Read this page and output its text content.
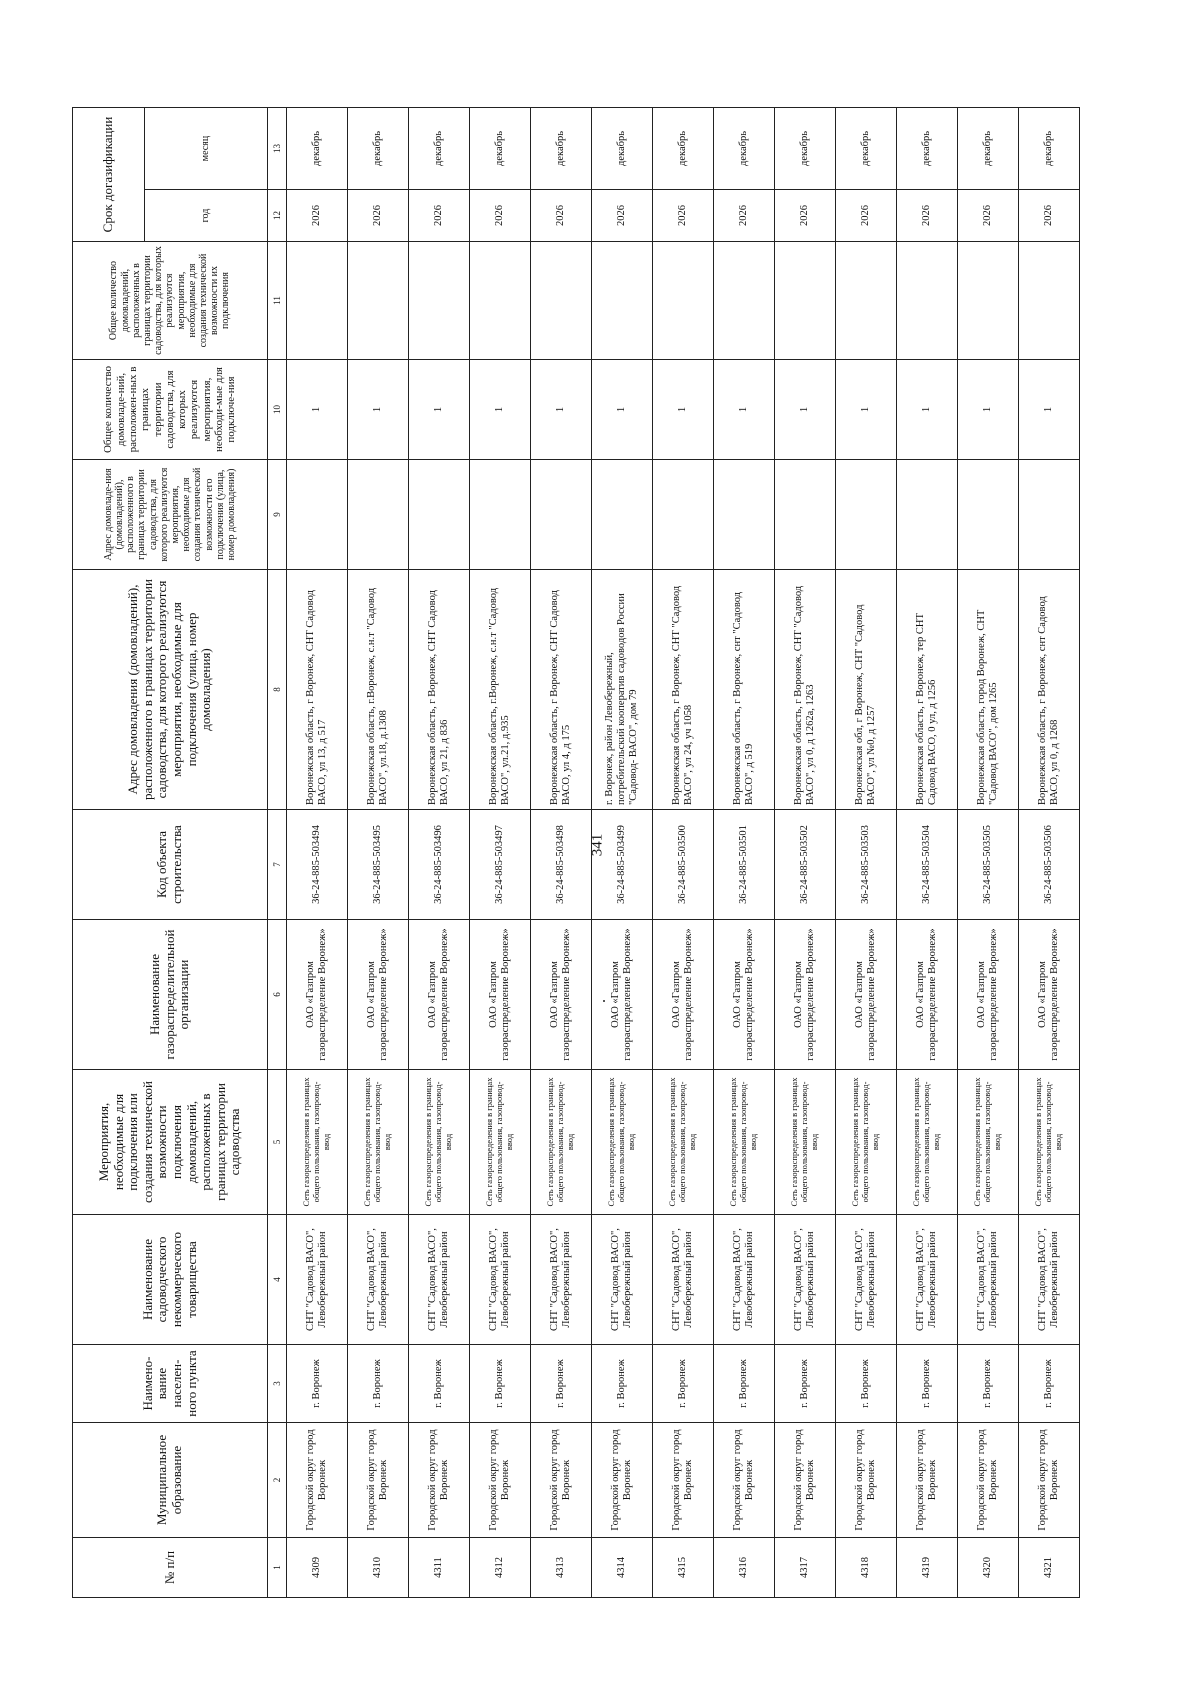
341
№ п/п	Муниципальное образование	Наимено-вание населен-ного пункта	Наименование садоводческого некоммерческого товарищества	Мероприятия, необходимые для подключения или создания технической возможности подключения домовладений, расположенных в границах территории садоводства	Наименование газораспределительной организации	Код объекта строительства	Адрес домовладения (домовладений), расположенного в границах территории садоводства, для которого реализуются мероприятия, необходимые для подключения (улица, номер домовладения)	Адрес домовладе-ния (домовладений), расположенного в границах территории садоводства, для которого реализуются мероприятия, необходимые для создания технической возможности его подключения (улица, номер домовладения)	Общее количество домовладе-ний, расположен-ных в границах территории садоводства, для которых реализуются мероприятия, необходи-мые для подключе-ния	Общее количество домовладений, расположенных в границах территории садоводства, для которых реализуются мероприятия, необходимые для создания технической возможности их подключения	Срок догазификации	
											год	месяц
1	2	3	4	5	6	7	8	9	10	11	12	13
4309	Городской округ город Воронеж	г. Воронеж	СНТ "Садовод ВАСО", Левобережный район	Сеть газораспределения в границах общего пользования, газопровод-ввод	ОАО «Газпром газораспределение Воронеж»	36-24-885-503494	Воронежская область, г Воронеж, СНТ Садовод ВАСО, ул 13, д 517		1		2026	декабрь
4310	Городской округ город Воронеж	г. Воронеж	СНТ "Садовод ВАСО", Левобережный район	Сеть газораспределения в границах общего пользования, газопровод-ввод	ОАО «Газпром газораспределение Воронеж»	36-24-885-503495	Воронежская область, г.Воронеж, с.н.т "Садовод ВАСО", ул.18, д.1308		1		2026	декабрь
4311	Городской округ город Воронеж	г. Воронеж	СНТ "Садовод ВАСО", Левобережный район	Сеть газораспределения в границах общего пользования, газопровод-ввод	ОАО «Газпром газораспределение Воронеж»	36-24-885-503496	Воронежская область, г Воронеж, СНТ Садовод ВАСО, ул 21, д 836		1		2026	декабрь
4312	Городской округ город Воронеж	г. Воронеж	СНТ "Садовод ВАСО", Левобережный район	Сеть газораспределения в границах общего пользования, газопровод-ввод	ОАО «Газпром газораспределение Воронеж»	36-24-885-503497	Воронежская область, г.Воронеж, с.н.т "Садовод ВАСО", ул.21, д.935		1		2026	декабрь
4313	Городской округ город Воронеж	г. Воронеж	СНТ "Садовод ВАСО", Левобережный район	Сеть газораспределения в границах общего пользования, газопровод-ввод	ОАО «Газпром газораспределение Воронеж»	36-24-885-503498	Воронежская область, г Воронеж, СНТ Садовод ВАСО, ул 4, д 175		1		2026	декабрь
4314	Городской округ город Воронеж	г. Воронеж	СНТ "Садовод ВАСО", Левобережный район	Сеть газораспределения в границах общего пользования, газопровод-ввод	ОАО «Газпром газораспределение Воронеж»	36-24-885-503499	г. Воронеж, район Левобережный, потребительский кооператив садоводов России "Садовод- ВАСО", дом 79		1		2026	декабрь
4315	Городской округ город Воронеж	г. Воронеж	СНТ "Садовод ВАСО", Левобережный район	Сеть газораспределения в границах общего пользования, газопровод-ввод	ОАО «Газпром газораспределение Воронеж»	36-24-885-503500	Воронежская область, г Воронеж, СНТ "Садовод ВАСО", ул 24, уч 1058		1		2026	декабрь
4316	Городской округ город Воронеж	г. Воронеж	СНТ "Садовод ВАСО", Левобережный район	Сеть газораспределения в границах общего пользования, газопровод-ввод	ОАО «Газпром газораспределение Воронеж»	36-24-885-503501	Воронежская область, г Воронеж, снт "Садовод ВАСО", д 519		1		2026	декабрь
4317	Городской округ город Воронеж	г. Воронеж	СНТ "Садовод ВАСО", Левобережный район	Сеть газораспределения в границах общего пользования, газопровод-ввод	ОАО «Газпром газораспределение Воронеж»	36-24-885-503502	Воронежская область, г Воронеж, СНТ "Садовод ВАСО", ул 0, д 1262а, 1263		1		2026	декабрь
4318	Городской округ город Воронеж	г. Воронеж	СНТ "Садовод ВАСО", Левобережный район	Сеть газораспределения в границах общего пользования, газопровод-ввод	ОАО «Газпром газораспределение Воронеж»	36-24-885-503503	Воронежская обл, г Воронеж, СНТ "Садовод ВАСО", ул №0, д 1257		1		2026	декабрь
4319	Городской округ город Воронеж	г. Воронеж	СНТ "Садовод ВАСО", Левобережный район	Сеть газораспределения в границах общего пользования, газопровод-ввод	ОАО «Газпром газораспределение Воронеж»	36-24-885-503504	Воронежская область, г Воронеж, тер СНТ Садовод ВАСО, 0 ул, д 1256		1		2026	декабрь
4320	Городской округ город Воронеж	г. Воронеж	СНТ "Садовод ВАСО", Левобережный район	Сеть газораспределения в границах общего пользования, газопровод-ввод	ОАО «Газпром газораспределение Воронеж»	36-24-885-503505	Воронежская область, город Воронеж, СНТ "Садовод ВАСО", дом 1265		1		2026	декабрь
4321	Городской округ город Воронеж	г. Воронеж	СНТ "Садовод ВАСО", Левобережный район	Сеть газораспределения в границах общего пользования, газопровод-ввод	ОАО «Газпром газораспределение Воронеж»	36-24-885-503506	Воронежская область, г Воронеж, снт Садовод ВАСО, ул 0, д 1268		1		2026	декабрь
